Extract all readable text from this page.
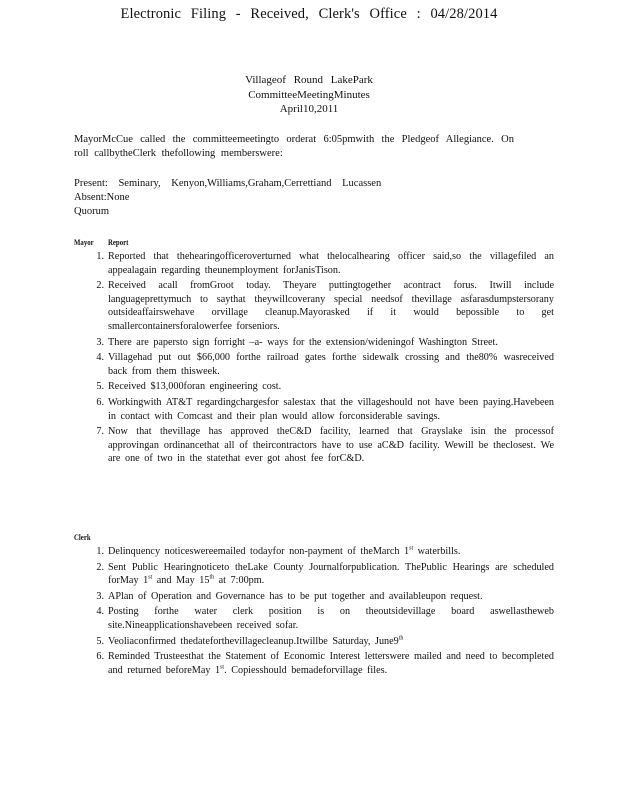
Electronic Filing - Received, Clerk's Office : 04/28/2014
Villageof Round LakePark
CommitteeMeetingMinutes
April10,2011
MayorMcCue called the committeemeetingto orderat 6:05pmwith the Pledgeof Allegiance. On roll callbytheClerk thefollowing memberswere:
Present: Seminary, Kenyon,Williams,Graham,Cerrettiand Lucassen
Absent:None
Quorum
Mayor Report
1. Reported that thehearingofficeroverturned what thelocalhearing officer said,so the villagefiled an appealagain regarding theunemployment forJanisTison.
2. Received acall fromGroot today. Theyare puttingtogether acontract forus. Itwill include languageprettymuch to saythat theywillcoverany special needsof thevillage asfarasdumpstersorany outsideaffairswehave orvillage cleanup.Mayorasked if it would bepossible to get smallercontainersforalowerfee forseniors.
3. There are papersto sign forright –a- ways for the extension/wideningof Washington Street.
4. Villagehad put out $66,000 forthe railroad gates forthe sidewalk crossing and the80% wasreceived back from them thisweek.
5. Received $13,000foran engineering cost.
6. Workingwith AT&T regardingchargesfor salestax that the villageshould not have been paying.Havebeen in contact with Comcast and their plan would allow forconsiderable savings.
7. Now that thevillage has approved theC&D facility, learned that Grayslake isin the processof approvingan ordinancethat all of theircontractors have to use aC&D facility. Wewill be theclosest. We are one of two in the statethat ever got ahost fee forC&D.
Clerk
1. Delinquency noticeswereemailed todayfor non-payment of theMarch 1st waterbills.
2. Sent Public Hearingnoticeto theLake County Journalforpublication. ThePublic Hearings are scheduled forMay 1st and May 15th at 7:00pm.
3. APlan of Operation and Governance has to be put together and availableupon request.
4. Posting forthe water clerk position is on theoutsidevillage board aswellastheweb site.Nineapplicationshavebeen received sofar.
5. Veoliaconfirmed thedateforthevillagecleanup.Itwillbe Saturday, June9th
6. Reminded Trusteesthat the Statement of Economic Interest letterswere mailed and need to becompleted and returned beforeMay 1st. Copiesshould bemadeforvillage files.
